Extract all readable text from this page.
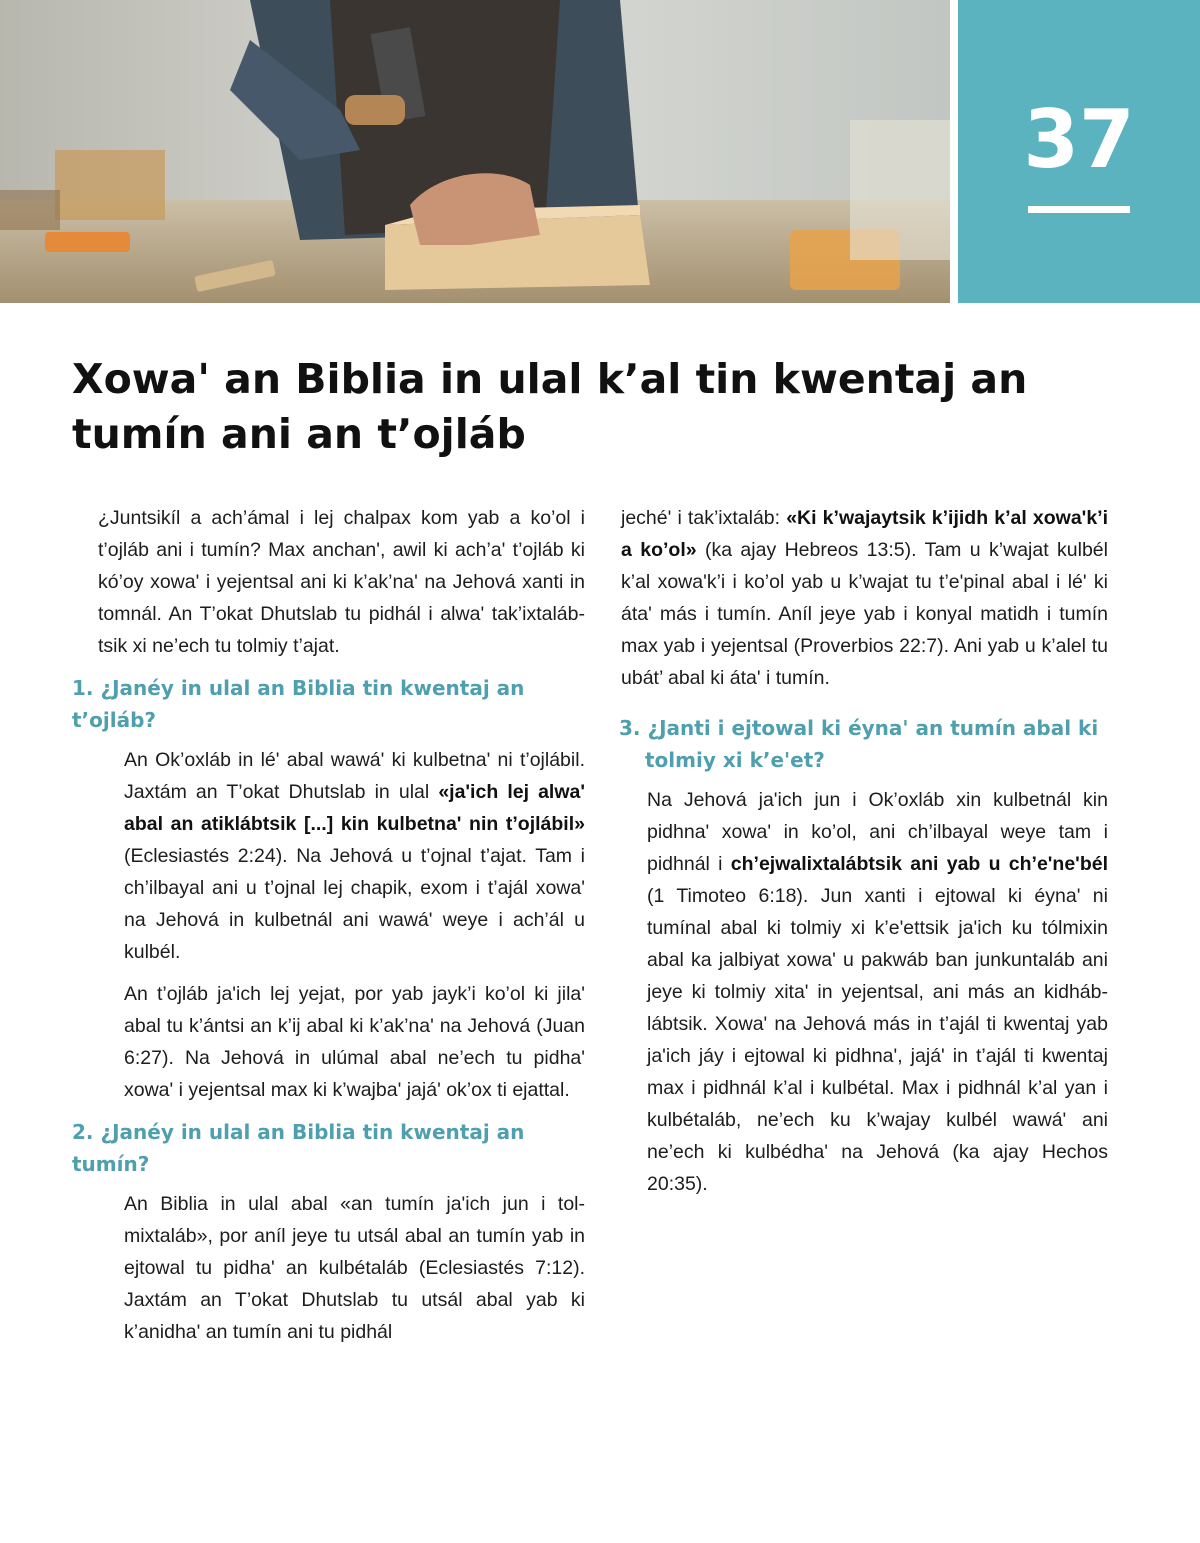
37
Xowa' an Biblia in ulal k’al tin kwentaj an tumín ani an t’ojláb

¿Juntsikíl a ach’ámal i lej chalpax kom yab a ko’ol i t’ojláb ani i tumín? Max anchan', awil ki ach’a' t’ojláb ki kó’oy xowa' i yejentsal ani ki k’ak’na' na Jehová xanti in tomnál. An T’okat Dhutslab tu pidhál i alwa' tak’ixtalábtsik xi ne’ech tu tolmiy t’ajat.

1. ¿Janéy in ulal an Biblia tin kwentaj an t’ojláb?

An Ok’oxláb in lé' abal wawá' ki kulbetna' ni t’ojlábil. Jaxtám an T’okat Dhutslab in ulal «ja'ich lej alwa' abal an atiklábtsik [...] kin kulbetna' nin t’ojlábil» (Eclesiastés 2:24). Na Jehová u t’ojnal t’ajat. Tam i ch’ilbayal ani u t’ojnal lej chapik, exom i t’ajál xowa' na Jehová in kulbetnál ani wawá' weye i ach’ál u kulbél.

An t’ojláb ja'ich lej yejat, por yab jayk’i ko’ol ki jila' abal tu k’ántsi an k’ij abal ki k’ak’na' na Jehová (Juan 6:27). Na Jehová in ulúmal abal ne’ech tu pidha' xowa' i yejentsal max ki k’wajba' jajá' ok’ox ti ejattal.

2. ¿Janéy in ulal an Biblia tin kwentaj an tumín?

An Biblia in ulal abal «an tumín ja'ich jun i tolmixtaláb», por aníl jeye tu utsál abal an tumín yab in ejtowal tu pidha' an kulbétaláb (Eclesiastés 7:12). Jaxtám an T’okat Dhutslab tu utsál abal yab ki k’anidha' an tumín ani tu pidhál

jeché' i tak’ixtaláb: «Ki k’wajaytsik k’ijidh k’al xowa'k’i a ko’ol» (ka ajay Hebreos 13:5). Tam u k’wajat kulbél k’al xowa'k’i i ko’ol yab u k’wajat tu t’e'pinal abal i lé' ki áta' más i tumín. Aníl jeye yab i konyal matidh i tumín max yab i yejentsal (Proverbios 22:7). Ani yab u k’alel tu ubát’ abal ki áta' i tumín.

3. ¿Janti i ejtowal ki éyna' an tumín abal ki tolmiy xi k’e'et?

Na Jehová ja'ich jun i Ok’oxláb xin kulbetnál kin pidhna' xowa' in ko’ol, ani ch’ilbayal weye tam i pidhnál i ch’ejwalixtalábtsik ani yab u ch’e'ne'bél (1 Timoteo 6:18). Jun xanti i ejtowal ki éyna' ni tumínal abal ki tolmiy xi k’e'ettsik ja'ich ku tólmixin abal ka jalbiyat xowa' u pakwáb ban junkuntaláb ani jeye ki tolmiy xita' in yejentsal, ani más an kidháblábtsik. Xowa' na Jehová más in t’ajál ti kwentaj yab ja'ich jáy i ejtowal ki pidhna', jajá' in t’ajál ti kwentaj max i pidhnál k’al i kulbétal. Max i pidhnál k’al yan i kulbétaláb, ne’ech ku k’wajay kulbél wawá' ani ne’ech ki kulbédha' na Jehová (ka ajay Hechos 20:35).
